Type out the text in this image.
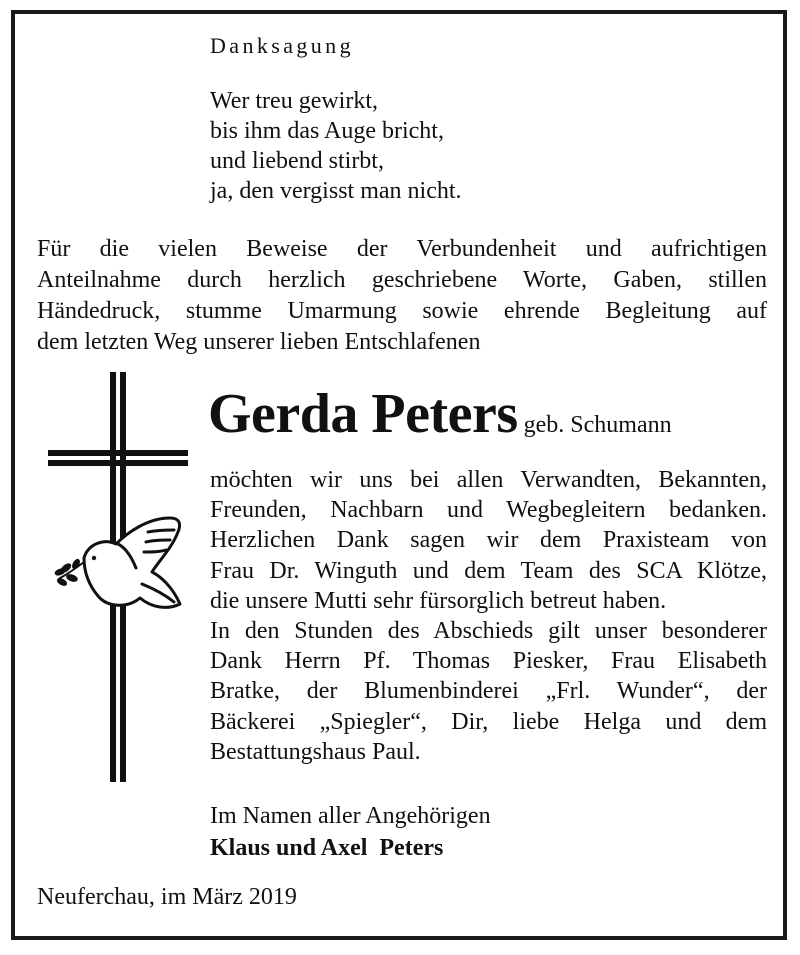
Danksagung
Wer treu gewirkt,
bis ihm das Auge bricht,
und liebend stirbt,
ja, den vergisst man nicht.
Für die vielen Beweise der Verbundenheit und aufrichtigen
Anteilnahme durch herzlich geschriebene Worte, Gaben, stillen
Händedruck, stumme Umarmung sowie ehrende Begleitung auf
dem letzten Weg unserer lieben Entschlafenen
Gerda Peters geb. Schumann
möchten wir uns bei allen Verwandten, Bekannten,
Freunden, Nachbarn und Wegbegleitern bedanken.
Herzlichen Dank sagen wir dem Praxisteam von
Frau Dr. Winguth und dem Team des SCA Klötze,
die unsere Mutti sehr fürsorglich betreut haben.
In den Stunden des Abschieds gilt unser besonderer
Dank Herrn Pf. Thomas Piesker, Frau Elisabeth
Bratke, der Blumenbinderei „Frl. Wunder“, der
Bäckerei „Spiegler“, Dir, liebe Helga und dem
Bestattungshaus Paul.
Im Namen aller Angehörigen
Klaus und Axel  Peters
Neuferchau, im März 2019
